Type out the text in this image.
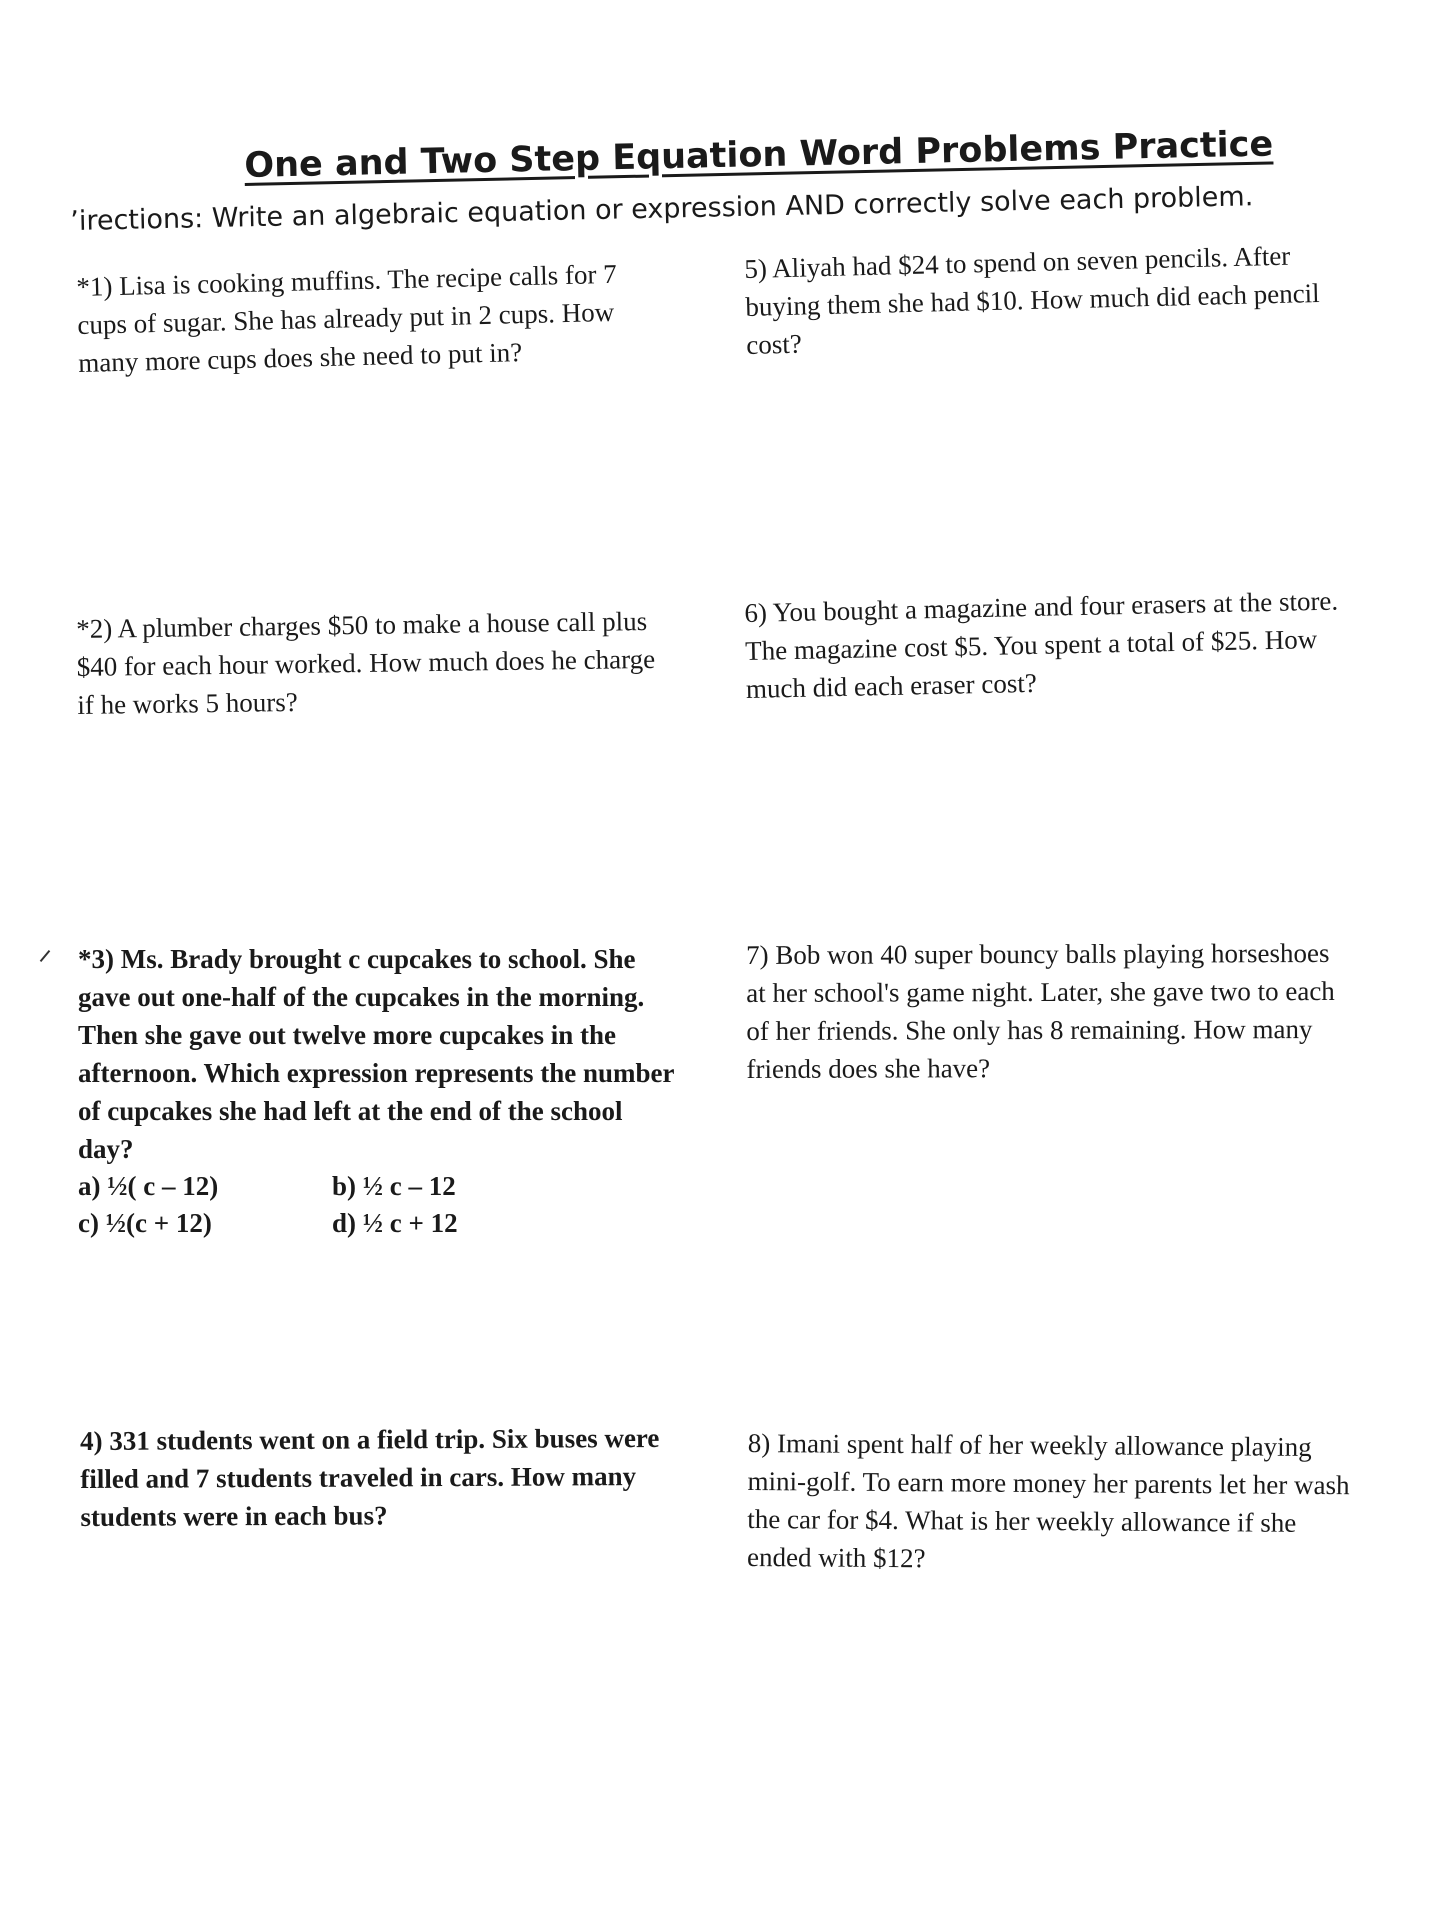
One and Two Step Equation Word Problems Practice
’irections: Write an algebraic equation or expression AND correctly solve each problem.

*1) Lisa is cooking muffins. The recipe calls for 7 cups of sugar. She has already put in 2 cups. How many more cups does she need to put in?

5) Aliyah had $24 to spend on seven pencils. After buying them she had $10. How much did each pencil cost?

*2) A plumber charges $50 to make a house call plus $40 for each hour worked. How much does he charge if he works 5 hours?

6) You bought a magazine and four erasers at the store. The magazine cost $5. You spent a total of $25. How much did each eraser cost?

*3) Ms. Brady brought c cupcakes to school. She gave out one-half of the cupcakes in the morning. Then she gave out twelve more cupcakes in the afternoon. Which expression represents the number of cupcakes she had left at the end of the school day?

a) ½( c – 12)	b) ½ c – 12
c) ½(c + 12)	d) ½ c + 12

7) Bob won 40 super bouncy balls playing horseshoes at her school's game night. Later, she gave two to each of her friends. She only has 8 remaining. How many friends does she have?

4) 331 students went on a field trip. Six buses were filled and 7 students traveled in cars. How many students were in each bus?

8) Imani spent half of her weekly allowance playing mini-golf. To earn more money her parents let her wash the car for $4. What is her weekly allowance if she ended with $12?
